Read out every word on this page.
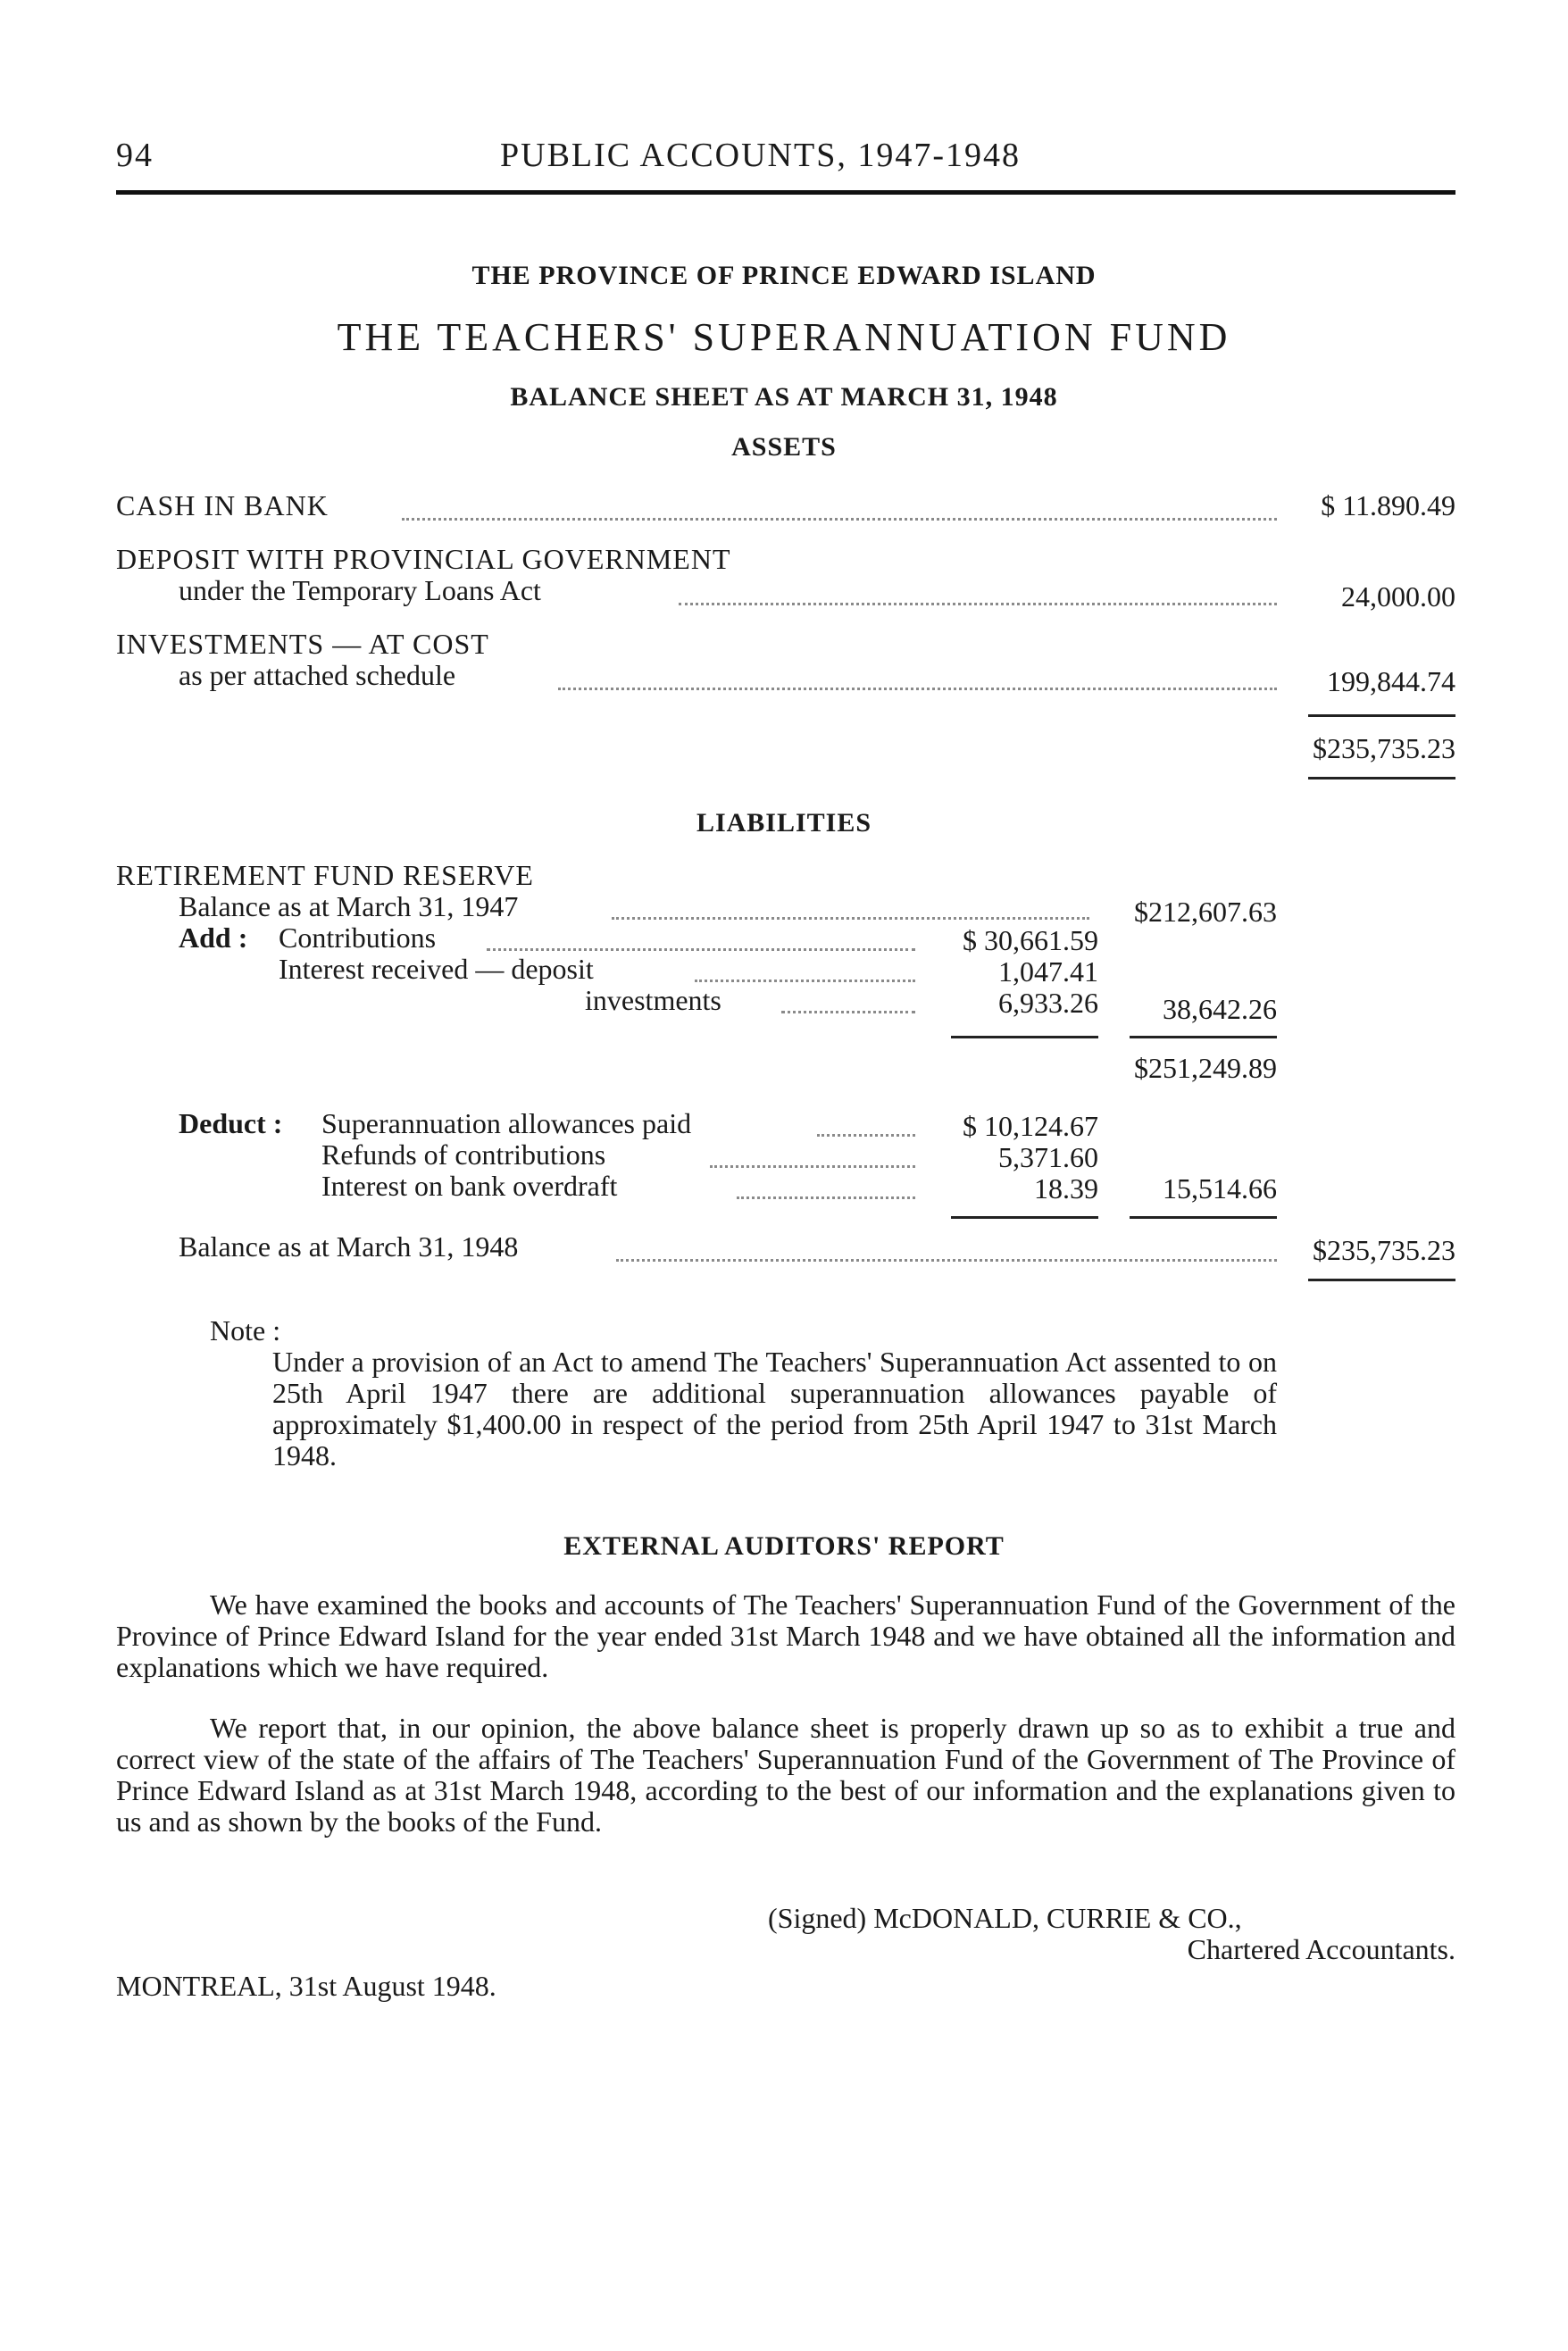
94	PUBLIC ACCOUNTS, 1947-1948
THE PROVINCE OF PRINCE EDWARD ISLAND
THE TEACHERS' SUPERANNUATION FUND
BALANCE SHEET AS AT MARCH 31, 1948
ASSETS
CASH IN BANK	$ 11.890.49
DEPOSIT WITH PROVINCIAL GOVERNMENT
under the Temporary Loans Act	24,000.00
INVESTMENTS — AT COST
as per attached schedule	199,844.74
$235,735.23
LIABILITIES
RETIREMENT FUND RESERVE
Balance as at March 31, 1947	$212,607.63
Add : Contributions	$ 30,661.59
Interest received — deposit	1,047.41
investments	6,933.26	38,642.26
$251,249.89
Deduct : Superannuation allowances paid	$ 10,124.67
Refunds of contributions	5,371.60
Interest on bank overdraft	18.39	15,514.66
Balance as at March 31, 1948	$235,735.23
Note :
Under a provision of an Act to amend The Teachers' Superannuation Act assented to on 25th April 1947 there are additional superannuation allowances payable of approximately $1,400.00 in respect of the period from 25th April 1947 to 31st March 1948.
EXTERNAL AUDITORS' REPORT
We have examined the books and accounts of The Teachers' Superannuation Fund of the Government of the Province of Prince Edward Island for the year ended 31st March 1948 and we have obtained all the information and explanations which we have required.
We report that, in our opinion, the above balance sheet is properly drawn up so as to exhibit a true and correct view of the state of the affairs of The Teachers' Superannuation Fund of the Government of The Province of Prince Edward Island as at 31st March 1948, according to the best of our information and the explanations given to us and as shown by the books of the Fund.
(Signed) McDONALD, CURRIE & CO.,
Chartered Accountants.
MONTREAL, 31st August 1948.
